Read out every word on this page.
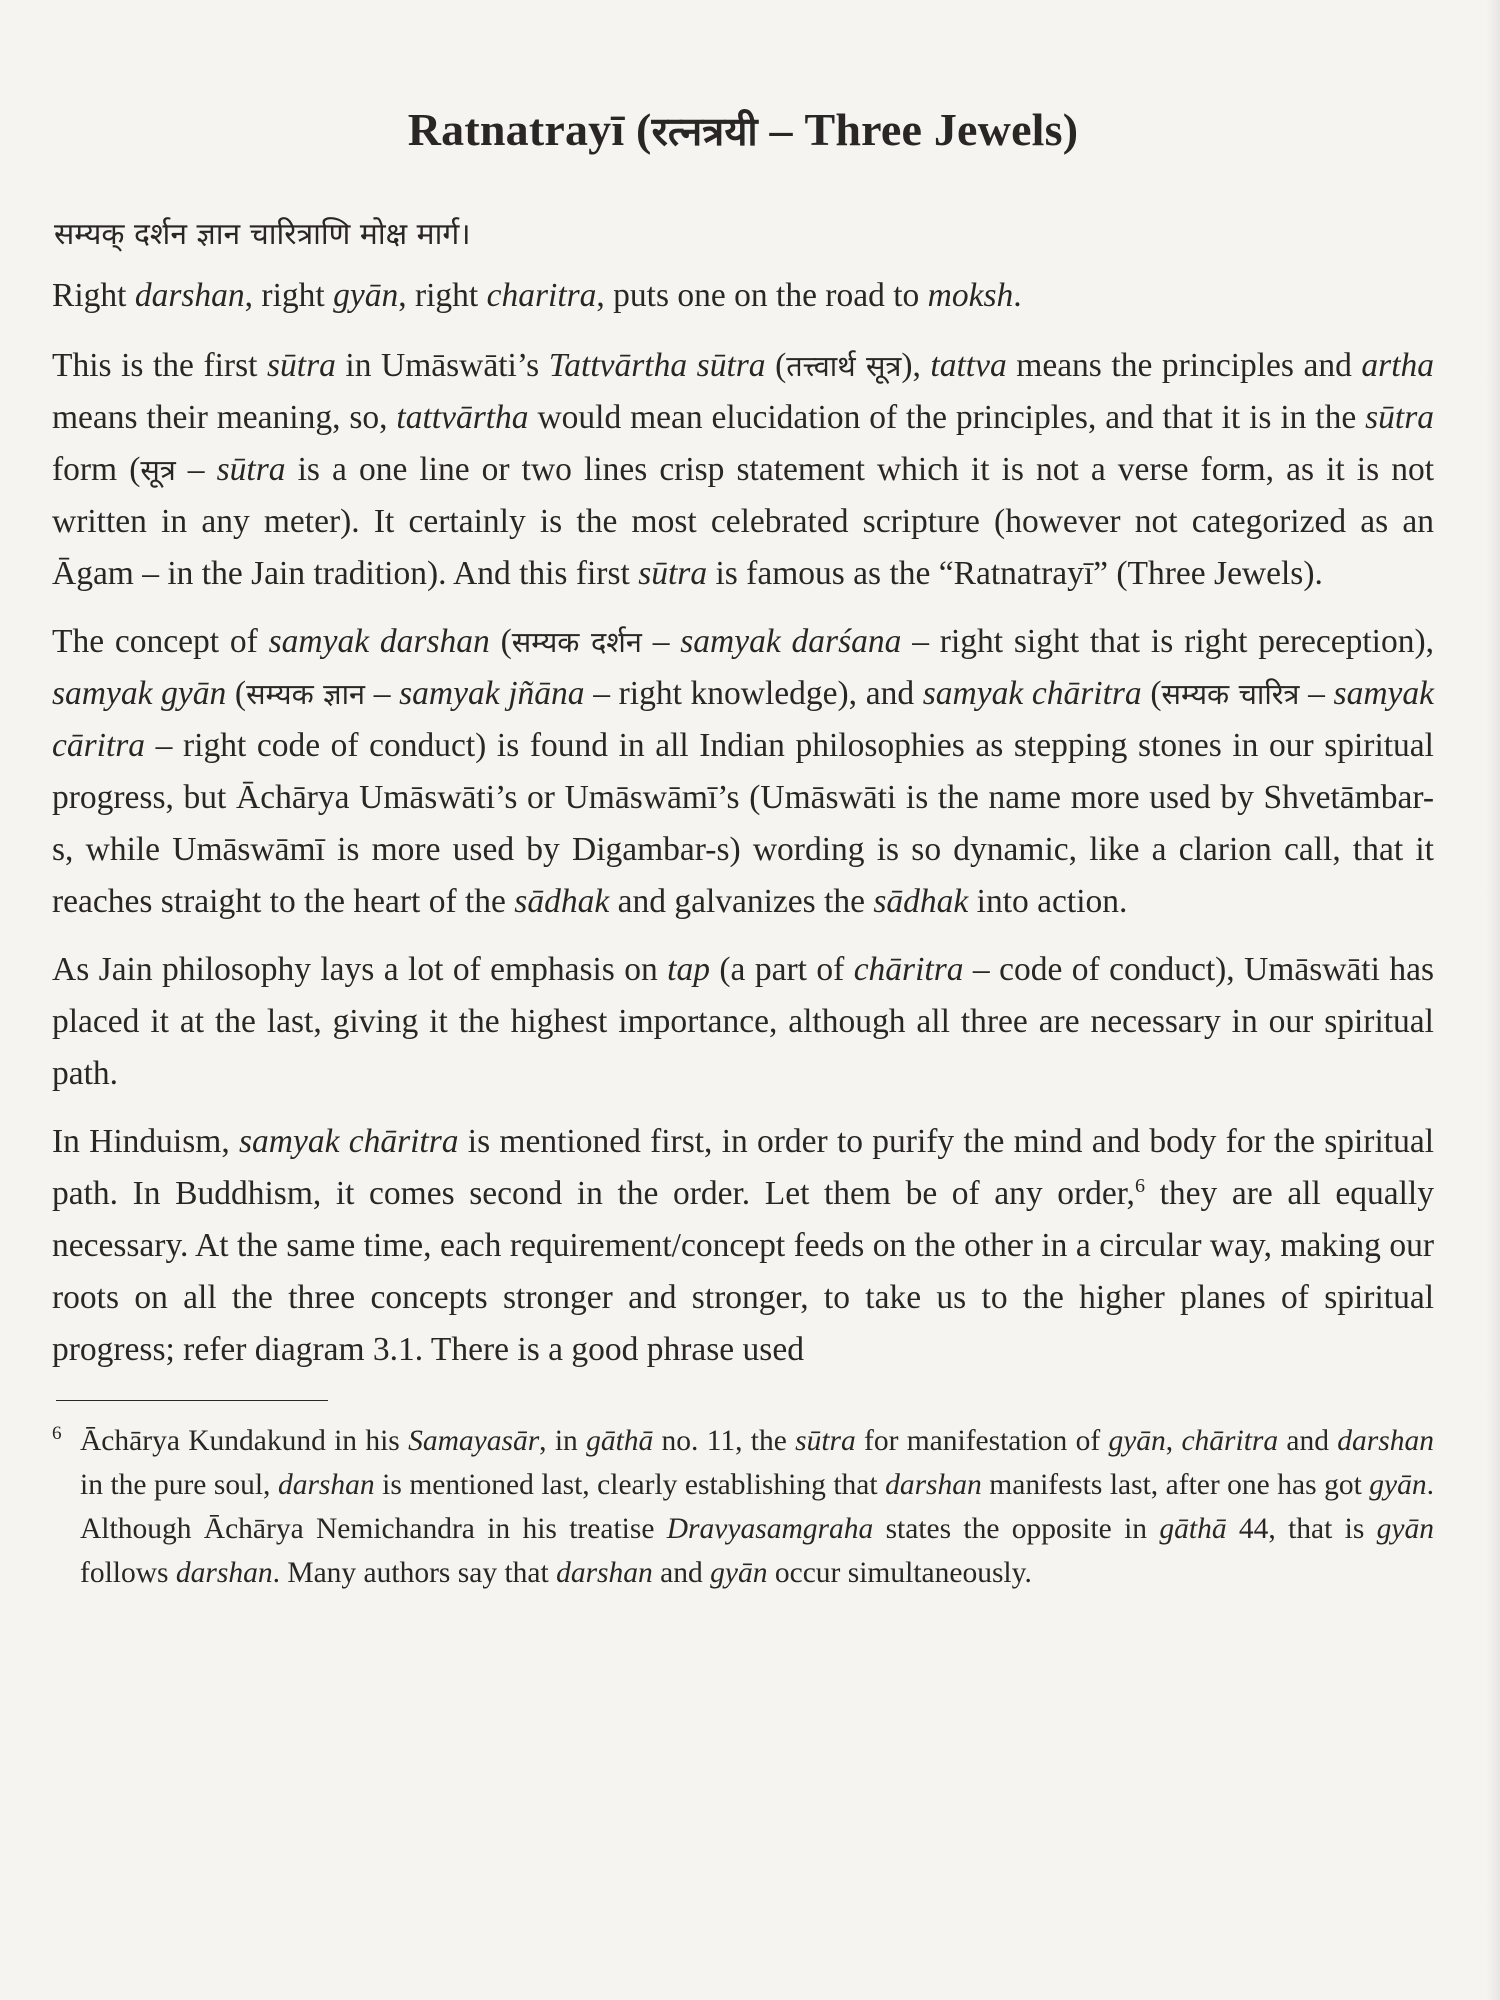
Ratnatrayī (रत्नत्रयी – Three Jewels)
सम्यक् दर्शन ज्ञान चारित्राणि मोक्ष मार्ग।

Right darshan, right gyān, right charitra, puts one on the road to moksh.

This is the first sūtra in Umāswāti’s Tattvārtha sūtra (तत्त्वार्थ सूत्र), tattva means the principles and artha means their meaning, so, tattvārtha would mean elucidation of the principles, and that it is in the sūtra form (सूत्र – sūtra is a one line or two lines crisp statement which it is not a verse form, as it is not written in any meter). It certainly is the most celebrated scripture (however not categorized as an Āgam – in the Jain tradition). And this first sūtra is famous as the “Ratnatrayī” (Three Jewels).

The concept of samyak darshan (सम्यक दर्शन – samyak darśana – right sight that is right pereception), samyak gyān (सम्यक ज्ञान – samyak jñāna – right knowledge), and samyak chāritra (सम्यक चारित्र – samyak cāritra – right code of conduct) is found in all Indian philosophies as stepping stones in our spiritual progress, but Āchārya Umāswāti’s or Umāswāmī’s (Umāswāti is the name more used by Shvetāmbar-s, while Umāswāmī is more used by Digambar-s) wording is so dynamic, like a clarion call, that it reaches straight to the heart of the sādhak and galvanizes the sādhak into action.

As Jain philosophy lays a lot of emphasis on tap (a part of chāritra – code of conduct), Umāswāti has placed it at the last, giving it the highest importance, although all three are necessary in our spiritual path.

In Hinduism, samyak chāritra is mentioned first, in order to purify the mind and body for the spiritual path. In Buddhism, it comes second in the order. Let them be of any order,$^6$ they are all equally necessary. At the same time, each requirement/concept feeds on the other in a circular way, making our roots on all the three concepts stronger and stronger, to take us to the higher planes of spiritual progress; refer diagram 3.1. There is a good phrase used

6 Āchārya Kundakund in his Samayasār, in gāthā no. 11, the sūtra for manifestation of gyān, chāritra and darshan in the pure soul, darshan is mentioned last, clearly establishing that darshan manifests last, after one has got gyān. Although Āchārya Nemichandra in his treatise Dravyasamgraha states the opposite in gāthā 44, that is gyān follows darshan. Many authors say that darshan and gyān occur simultaneously.
